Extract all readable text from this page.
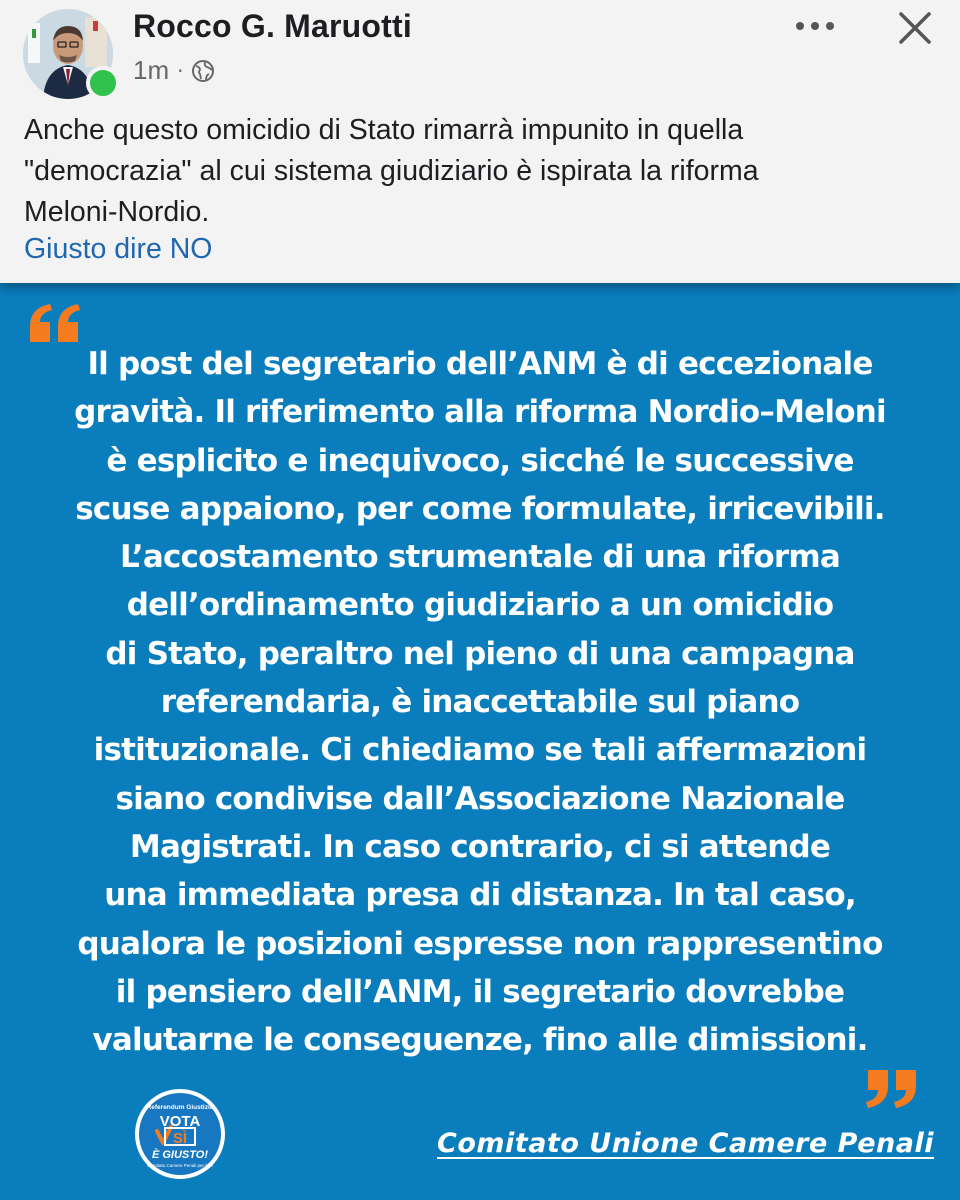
Rocco G. Maruotti
1m ·
Anche questo omicidio di Stato rimarrà impunito in quella
"democrazia" al cui sistema giudiziario è ispirata la riforma
Meloni-Nordio.
Giusto dire NO
Il post del segretario dell’ANM è di eccezionale
gravità. Il riferimento alla riforma Nordio–Meloni
è esplicito e inequivoco, sicché le successive
scuse appaiono, per come formulate, irricevibili.
L’accostamento strumentale di una riforma
dell’ordinamento giudiziario a un omicidio
di Stato, peraltro nel pieno di una campagna
referendaria, è inaccettabile sul piano
istituzionale. Ci chiediamo se tali affermazioni
siano condivise dall’Associazione Nazionale
Magistrati. In caso contrario, ci si attende
una immediata presa di distanza. In tal caso,
qualora le posizioni espresse non rappresentino
il pensiero dell’ANM, il segretario dovrebbe
valutarne le conseguenze, fino alle dimissioni.
Referendum Giustizia
VOTA
SÌ
È GIUSTO!
Comitato Camere Penali per il Sì
Comitato Unione Camere Penali
